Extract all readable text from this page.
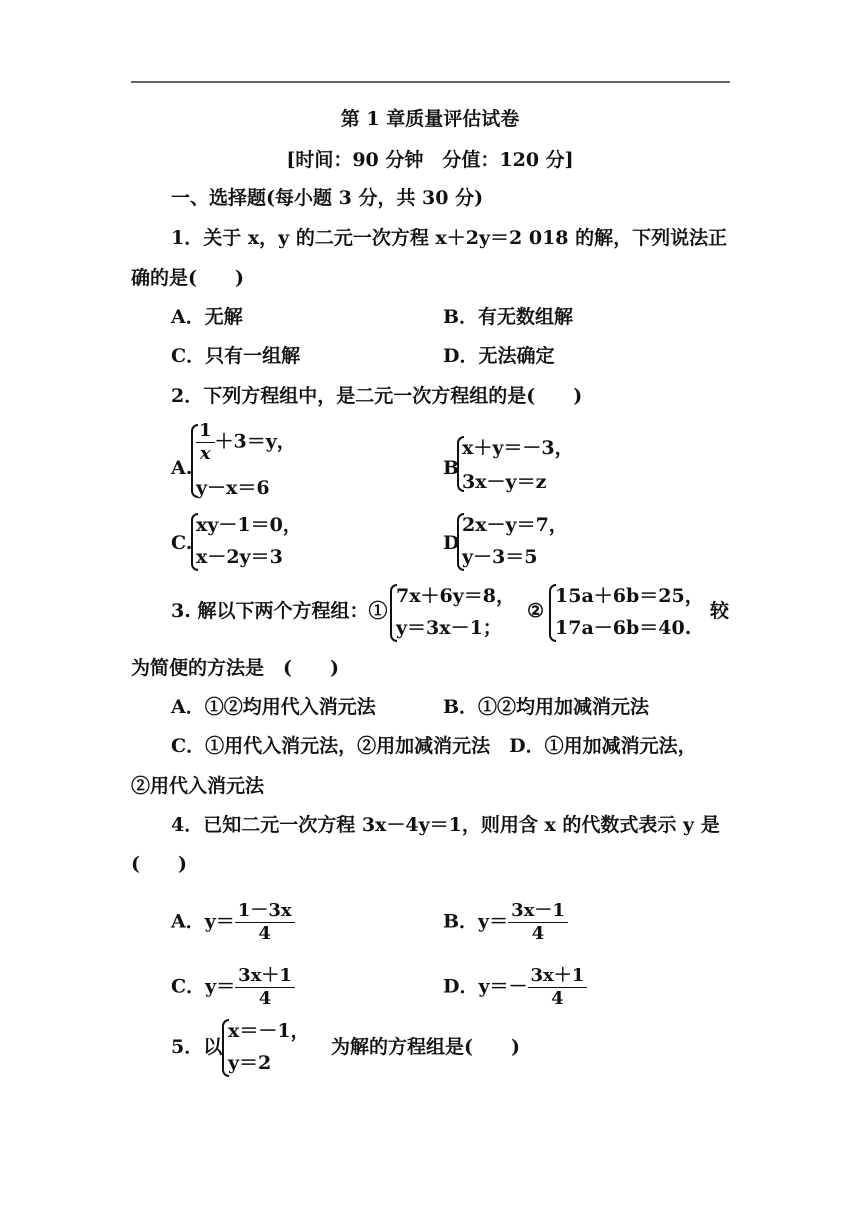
第 1 章质量评估试卷
[时间：90 分钟　分值：120 分]
一、选择题(每小题 3 分，共 30 分)
1．关于 x，y 的二元一次方程 x＋2y＝2 018 的解，下列说法正
确的是(　　)
A．无解	B．有无数组解
C．只有一组解	D．无法确定
2．下列方程组中，是二元一次方程组的是(　　)
A.
$\frac{1}{x} +3=y$，
y－x＝6
B
x＋y＝－3，
3x－y＝z
C.
xy－1＝0，
x－2y＝3
D
2x－y＝7，
y－3＝5
3. 解以下两个方程组：①
7x＋6y＝8，
y＝3x－1；
②
15a＋6b＝25，
17a－6b＝40.
较
为简便的方法是　(　　)
A．①②均用代入消元法	B．①②均用加减消元法
C．①用代入消元法，②用加减消元法　D．①用加减消元法，
②用代入消元法
4．已知二元一次方程 3x－4y＝1，则用含 x 的代数式表示 y 是
(　　)
A．$y= \frac{1-3x}{4}$	B．$y= \frac{3x-1}{4}$
C．$y= \frac{3x+1}{4}$	D．$y=- \frac{3x+1}{4}$
5．以
x＝－1，
y＝2
为解的方程组是(　　)
